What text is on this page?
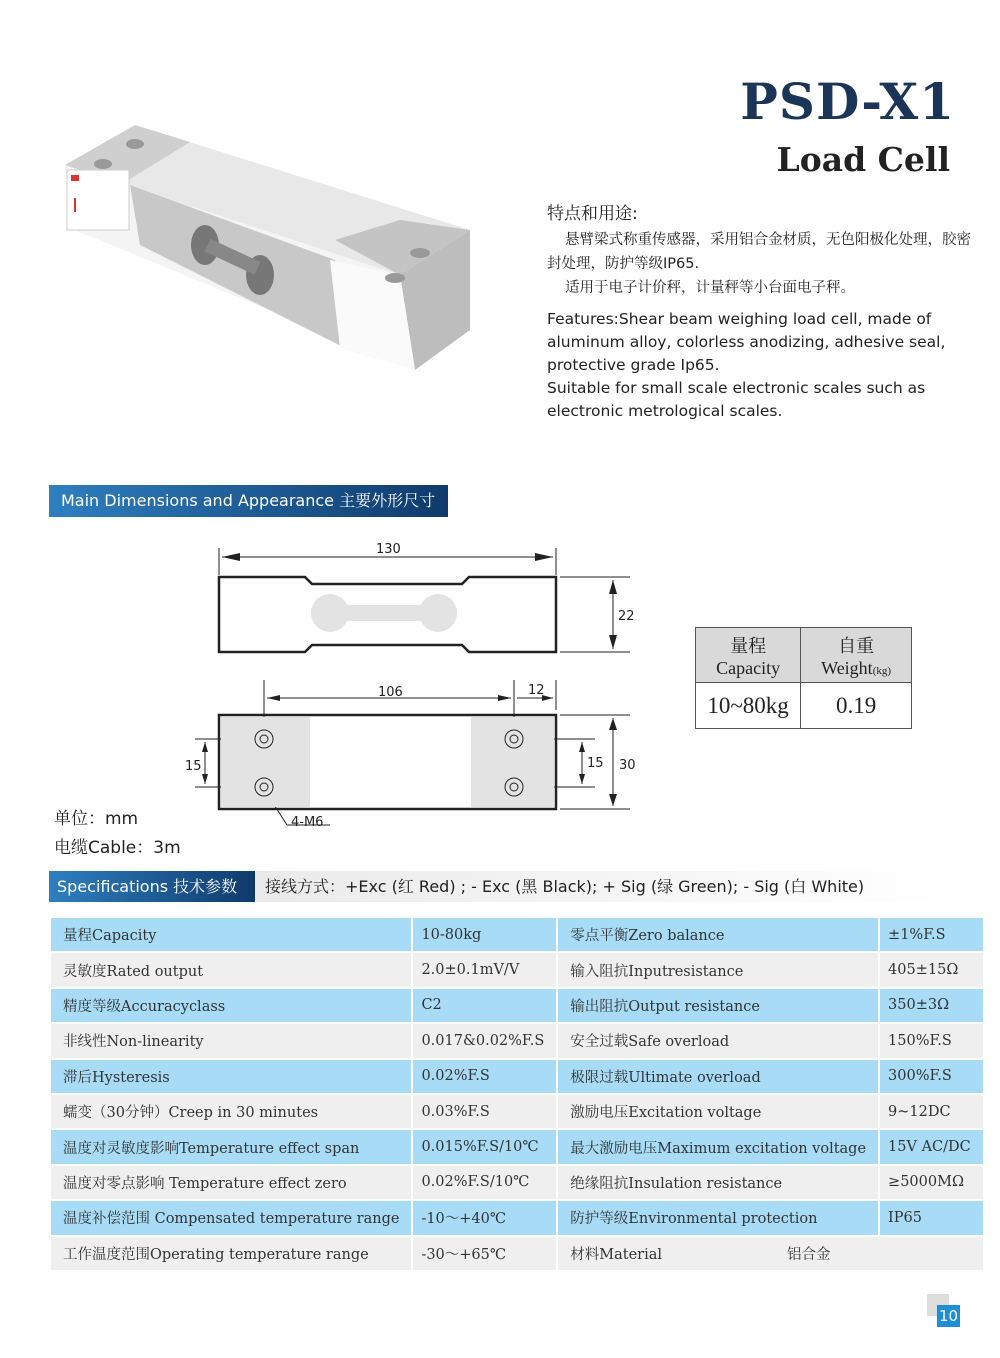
PSD-X1
Load Cell
特点和用途:
悬臂梁式称重传感器，采用铝合金材质，无色阳极化处理，胶密封处理，防护等级IP65.
适用于电子计价秤，计量秤等小台面电子秤。
Features:Shear beam weighing load cell, made of aluminum alloy, colorless anodizing, adhesive seal, protective grade Ip65.
Suitable for small scale electronic scales such as electronic metrological scales.
Main Dimensions and Appearance 主要外形尺寸
130
22
106	12
15	15 30
4-M6
单位：mm
电缆Cable：3m
量程 Capacity	自重 Weight(kg)
10~80kg	0.19
Specifications 技术参数	接线方式：+Exc (红 Red) ; - Exc (黑 Black); + Sig (绿 Green); - Sig (白 White)
量程Capacity	10-80kg	零点平衡Zero balance	±1%F.S
灵敏度Rated output	2.0±0.1mV/V	输入阻抗Inputresistance	405±15Ω
精度等级Accuracyclass	C2	输出阻抗Output resistance	350±3Ω
非线性Non-linearity	0.017&0.02%F.S	安全过载Safe overload	150%F.S
滞后Hysteresis	0.02%F.S	极限过载Ultimate overload	300%F.S
蠕变（30分钟）Creep in 30 minutes	0.03%F.S	激励电压Excitation voltage	9~12DC
温度对灵敏度影响Temperature effect span	0.015%F.S/10℃	最大激励电压Maximum excitation voltage	15V AC/DC
温度对零点影响 Temperature effect zero	0.02%F.S/10℃	绝缘阻抗Insulation resistance	≥5000MΩ
温度补偿范围 Compensated temperature range	-10～+40℃	防护等级Environmental protection	IP65
工作温度范围Operating temperature range	-30～+65℃	材料Material 铝合金	
10
